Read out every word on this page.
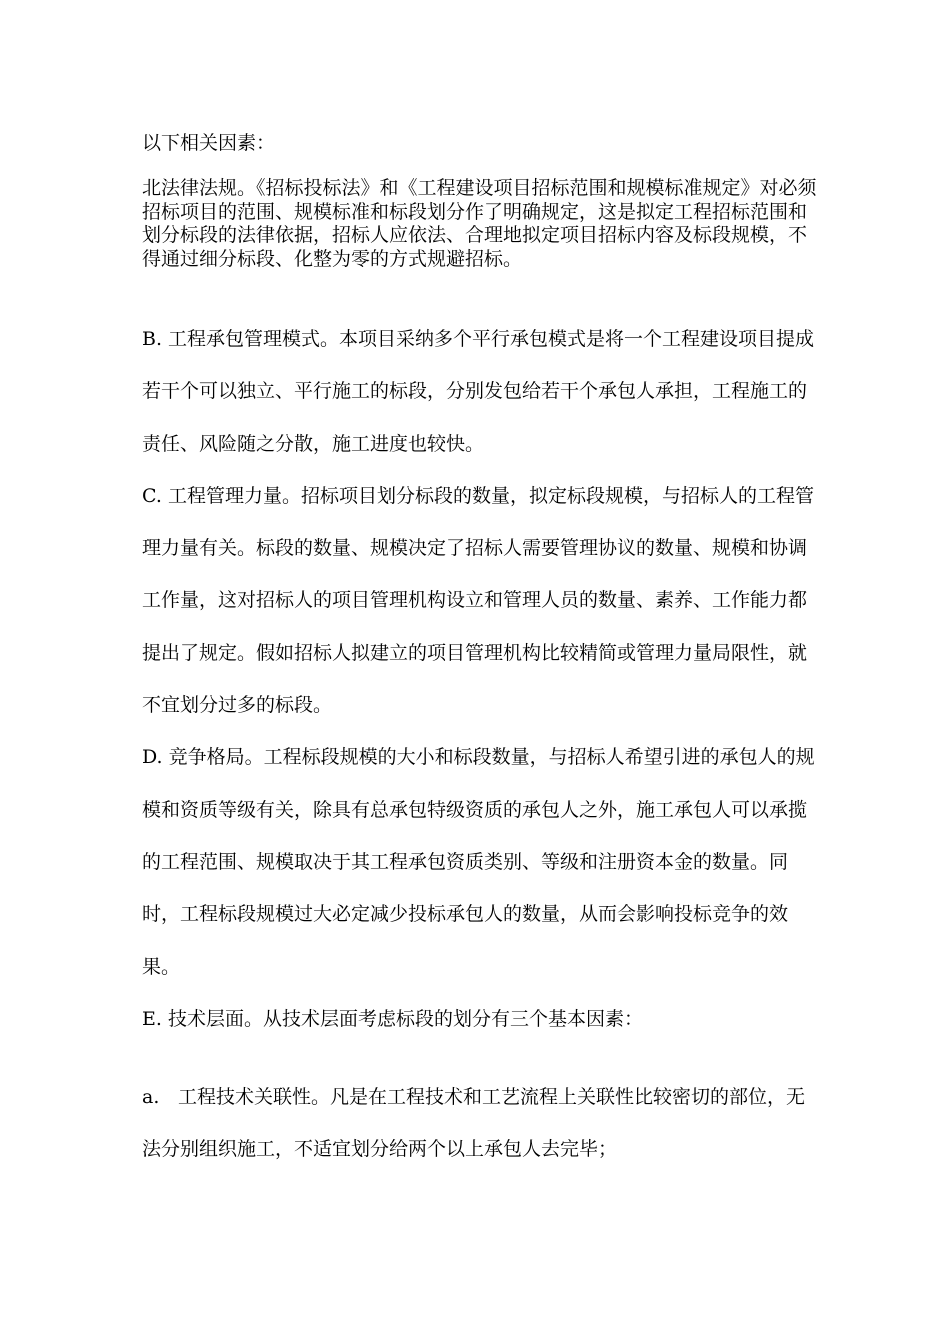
以下相关因素：

北法律法规。《招标投标法》和《工程建设项目招标范围和规模标准规定》对必须招标项目的范围、规模标准和标段划分作了明确规定，这是拟定工程招标范围和划分标段的法律依据，招标人应依法、合理地拟定项目招标内容及标段规模，不得通过细分标段、化整为零的方式规避招标。

B. 工程承包管理模式。本项目采纳多个平行承包模式是将一个工程建设项目提成若干个可以独立、平行施工的标段，分别发包给若干个承包人承担，工程施工的责任、风险随之分散，施工进度也较快。

C. 工程管理力量。招标项目划分标段的数量，拟定标段规模，与招标人的工程管理力量有关。标段的数量、规模决定了招标人需要管理协议的数量、规模和协调工作量，这对招标人的项目管理机构设立和管理人员的数量、素养、工作能力都提出了规定。假如招标人拟建立的项目管理机构比较精简或管理力量局限性，就不宜划分过多的标段。

D. 竞争格局。工程标段规模的大小和标段数量，与招标人希望引进的承包人的规模和资质等级有关，除具有总承包特级资质的承包人之外，施工承包人可以承揽的工程范围、规模取决于其工程承包资质类别、等级和注册资本金的数量。同时，工程标段规模过大必定减少投标承包人的数量，从而会影响投标竞争的效果。

E. 技术层面。从技术层面考虑标段的划分有三个基本因素：

a. 工程技术关联性。凡是在工程技术和工艺流程上关联性比较密切的部位，无法分别组织施工，不适宜划分给两个以上承包人去完毕；
